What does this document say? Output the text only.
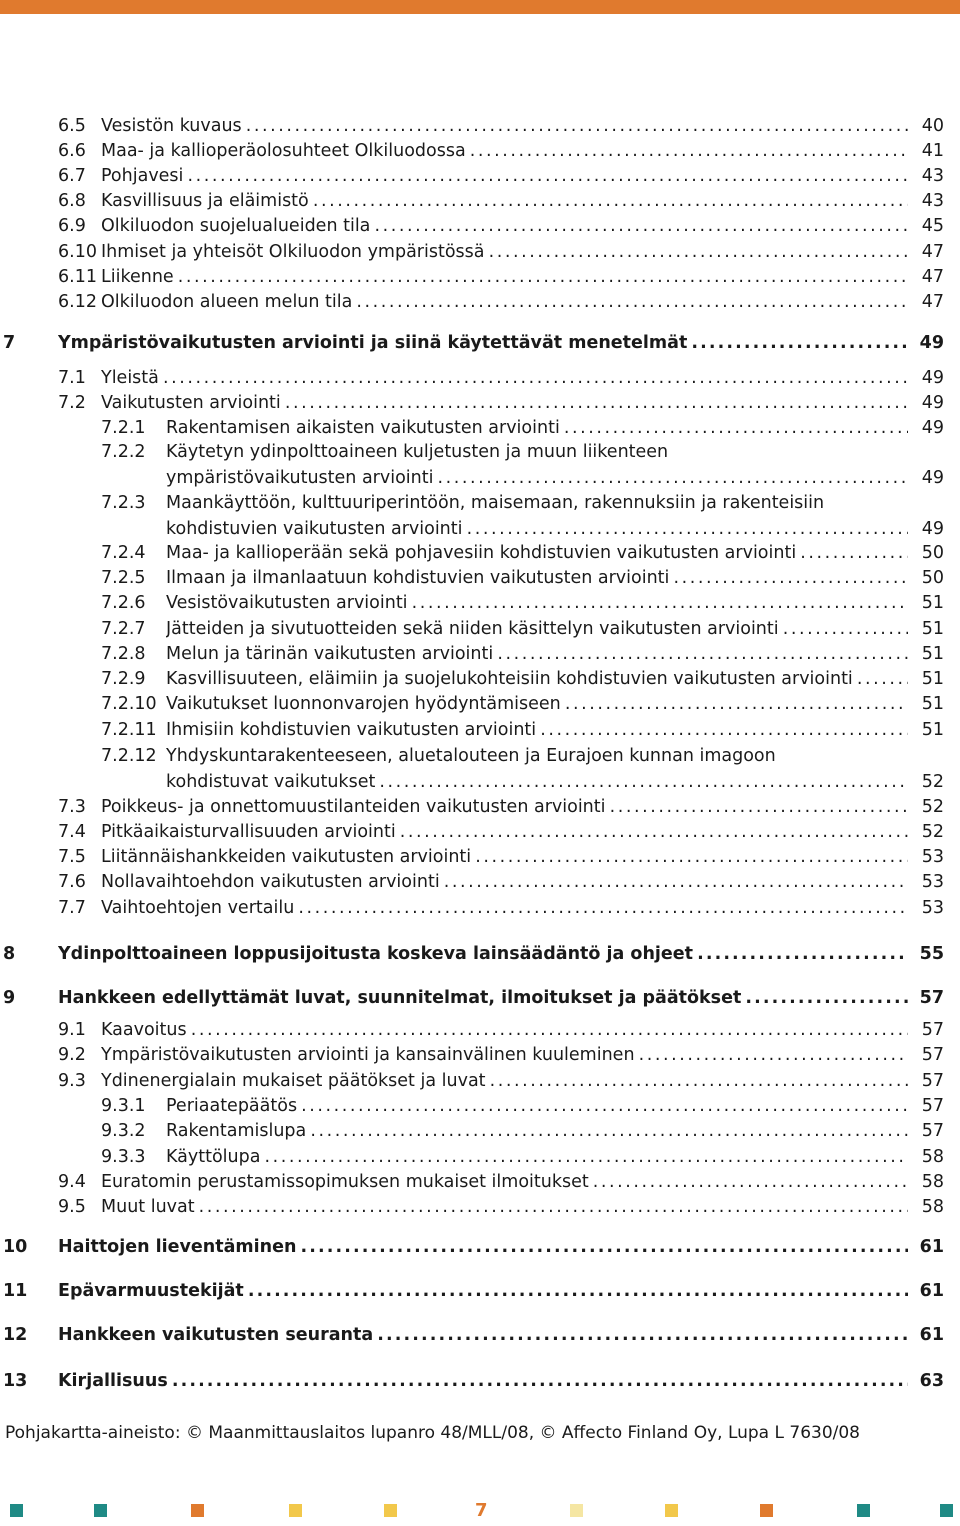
6.5 Vesistön kuvaus . . .	40
6.6 Maa- ja kallioperäolosuhteet Olkiluodossa . . .	41
6.7 Pohjavesi . . .	43
6.8 Kasvillisuus ja eläimistö . . .	43
6.9 Olkiluodon suojelualueiden tila . . .	45
6.10 Ihmiset ja yhteisöt Olkiluodon ympäristössä . . .	47
6.11 Liikenne . . .	47
6.12 Olkiluodon alueen melun tila . . .	47
7 Ympäristövaikutusten arviointi ja siinä käytettävät menetelmät . . .	49
7.1 Yleistä . . .	49
7.2 Vaikutusten arviointi . . .	49
7.2.1 Rakentamisen aikaisten vaikutusten arviointi . . .	49
7.2.2 Käytetyn ydinpolttoaineen kuljetusten ja muun liikenteen
ympäristövaikutusten arviointi . . .	49
7.2.3 Maankäyttöön, kulttuuriperintöön, maisemaan, rakennuksiin ja rakenteisiin
kohdistuvien vaikutusten arviointi . . .	49
7.2.4 Maa- ja kallioperään sekä pohjavesiin kohdistuvien vaikutusten arviointi . . .	50
7.2.5 Ilmaan ja ilmanlaatuun kohdistuvien vaikutusten arviointi . . .	50
7.2.6 Vesistövaikutusten arviointi . . .	51
7.2.7 Jätteiden ja sivutuotteiden sekä niiden käsittelyn vaikutusten arviointi . . .	51
7.2.8 Melun ja tärinän vaikutusten arviointi . . .	51
7.2.9 Kasvillisuuteen, eläimiin ja suojelukohteisiin kohdistuvien vaikutusten arviointi . . .	51
7.2.10 Vaikutukset luonnonvarojen hyödyntämiseen . . .	51
7.2.11 Ihmisiin kohdistuvien vaikutusten arviointi . . .	51
7.2.12 Yhdyskuntarakenteeseen, aluetalouteen ja Eurajoen kunnan imagoon
kohdistuvat vaikutukset . . .	52
7.3 Poikkeus- ja onnettomuustilanteiden vaikutusten arviointi . . .	52
7.4 Pitkäaikaisturvallisuuden arviointi . . .	52
7.5 Liitännäishankkeiden vaikutusten arviointi . . .	53
7.6 Nollavaihtoehdon vaikutusten arviointi . . .	53
7.7 Vaihtoehtojen vertailu . . .	53
8 Ydinpolttoaineen loppusijoitusta koskeva lainsäädäntö ja ohjeet . . .	55
9 Hankkeen edellyttämät luvat, suunnitelmat, ilmoitukset ja päätökset . . .	57
9.1 Kaavoitus . . .	57
9.2 Ympäristövaikutusten arviointi ja kansainvälinen kuuleminen . . .	57
9.3 Ydinenergialain mukaiset päätökset ja luvat . . .	57
9.3.1 Periaatepäätös . . .	57
9.3.2 Rakentamislupa . . .	57
9.3.3 Käyttölupa . . .	58
9.4 Euratomin perustamissopimuksen mukaiset ilmoitukset . . .	58
9.5 Muut luvat . . .	58
10 Haittojen lieventäminen . . .	61
11 Epävarmuustekijät . . .	61
12 Hankkeen vaikutusten seuranta . . .	61
13 Kirjallisuus . . .	63
Pohjakartta-aineisto: © Maanmittauslaitos lupanro 48/MLL/08, © Affecto Finland Oy, Lupa L 7630/08
7
